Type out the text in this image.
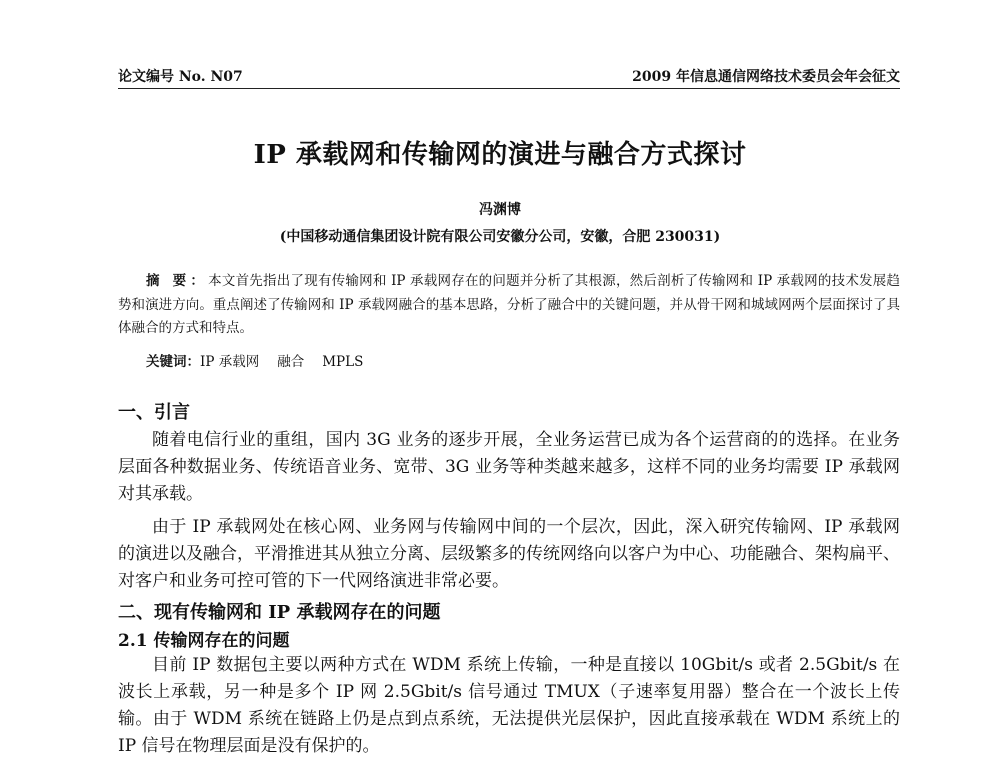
论文编号 No. N07	2009 年信息通信网络技术委员会年会征文
IP 承载网和传输网的演进与融合方式探讨
冯渊博
(中国移动通信集团设计院有限公司安徽分公司，安徽，合肥 230031)
摘 要：本文首先指出了现有传输网和 IP 承载网存在的问题并分析了其根源，然后剖析了传输网和 IP 承载网的技术发展趋势和演进方向。重点阐述了传输网和 IP 承载网融合的基本思路，分析了融合中的关键问题，并从骨干网和城域网两个层面探讨了具体融合的方式和特点。
关键词：IP 承载网 融合 MPLS
一、引言
随着电信行业的重组，国内 3G 业务的逐步开展，全业务运营已成为各个运营商的的选择。在业务层面各种数据业务、传统语音业务、宽带、3G 业务等种类越来越多，这样不同的业务均需要 IP 承载网对其承载。
由于 IP 承载网处在核心网、业务网与传输网中间的一个层次，因此，深入研究传输网、IP 承载网的演进以及融合，平滑推进其从独立分离、层级繁多的传统网络向以客户为中心、功能融合、架构扁平、对客户和业务可控可管的下一代网络演进非常必要。
二、现有传输网和 IP 承载网存在的问题
2.1 传输网存在的问题
目前 IP 数据包主要以两种方式在 WDM 系统上传输，一种是直接以 10Gbit/s 或者 2.5Gbit/s 在波长上承载，另一种是多个 IP 网 2.5Gbit/s 信号通过 TMUX（子速率复用器）整合在一个波长上传输。由于 WDM 系统在链路上仍是点到点系统，无法提供光层保护，因此直接承载在 WDM 系统上的 IP 信号在物理层面是没有保护的。
